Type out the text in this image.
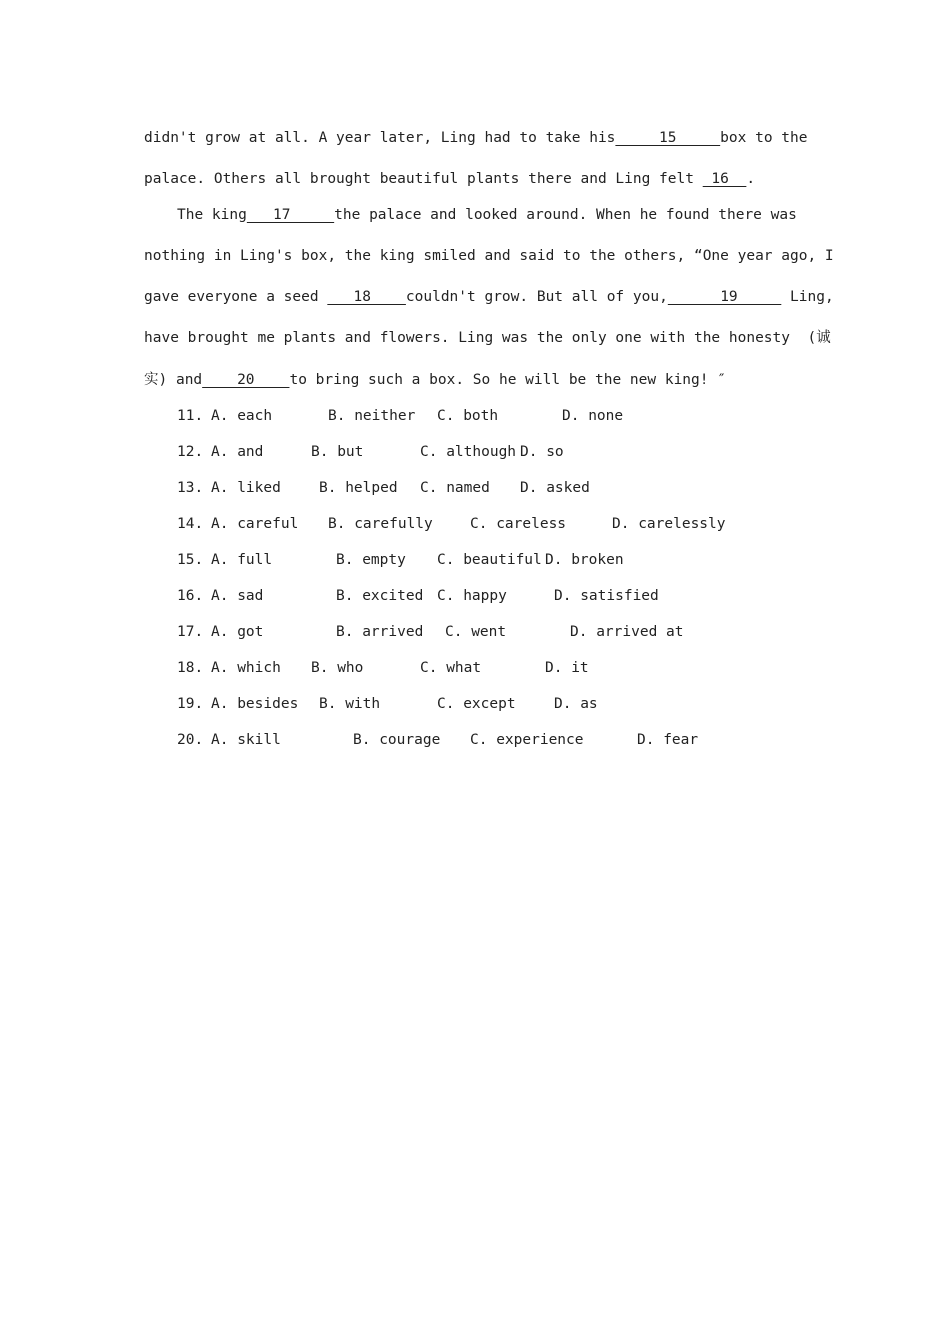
didn't grow at all. A year later, Ling had to take his     15     box to the
palace. Others all brought beautiful plants there and Ling felt  16  .
The king   17     the palace and looked around. When he found there was
nothing in Ling's box, the king smiled and said to the others, “One year ago, I
gave everyone a seed    18    couldn't grow. But all of you,      19      Ling,
have brought me plants and flowers. Ling was the only one with the honesty  (诚
实) and    20    to bring such a box. So he will be the new king! ″
11. A. each	B. neither C. both	D. none
12. A. and	B. but	C. although D. so
13. A. liked	B. helped C. named D. asked
14. A. careful B. carefully	C. careless	D. carelessly
15. A. full	B. empty C. beautiful D. broken
16. A. sad	B. excited C. happy	D. satisfied
17. A. got	B. arrived C. went	D. arrived at
18. A. which B. who	C. what	D. it
19. A. besides B. with	C. except	D. as
20. A. skill	B. courage C. experience	D. fear
